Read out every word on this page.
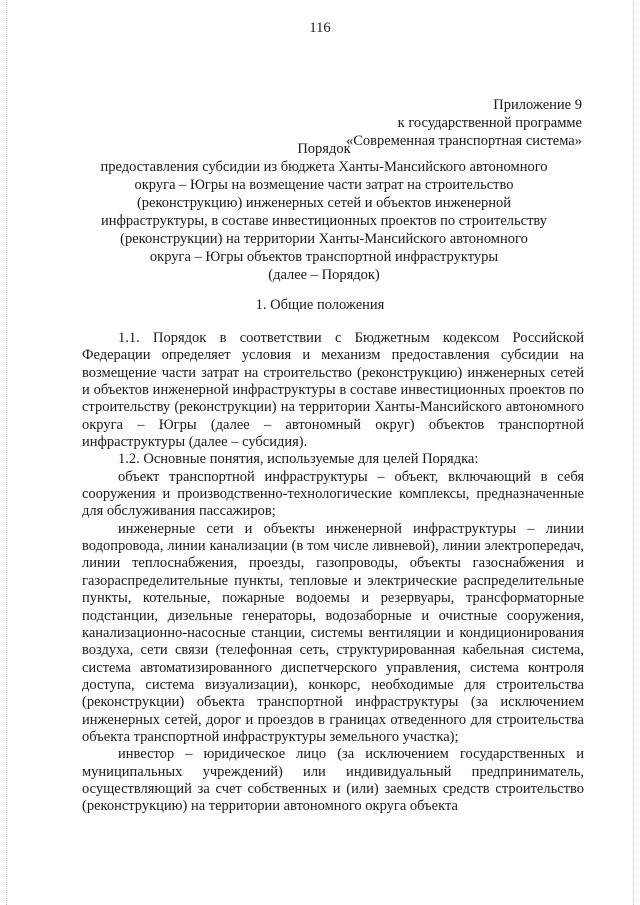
116
Приложение 9
к государственной программе
«Современная транспортная система»
Порядок
предоставления субсидии из бюджета Ханты-Мансийского автономного
округа – Югры на возмещение части затрат на строительство
(реконструкцию) инженерных сетей и объектов инженерной
инфраструктуры, в составе инвестиционных проектов по строительству
(реконструкции) на территории Ханты-Мансийского автономного
округа – Югры объектов транспортной инфраструктуры
(далее – Порядок)
1. Общие положения

1.1. Порядок в соответствии с Бюджетным кодексом Российской Федерации определяет условия и механизм предоставления субсидии на возмещение части затрат на строительство (реконструкцию) инженерных сетей и объектов инженерной инфраструктуры в составе инвестиционных проектов по строительству (реконструкции) на территории Ханты-Мансийского автономного округа – Югры (далее – автономный округ) объектов транспортной инфраструктуры (далее – субсидия).

1.2. Основные понятия, используемые для целей Порядка:

объект транспортной инфраструктуры – объект, включающий в себя сооружения и производственно-технологические комплексы, предназначенные для обслуживания пассажиров;

инженерные сети и объекты инженерной инфраструктуры – линии водопровода, линии канализации (в том числе ливневой), линии электропередач, линии теплоснабжения, проезды, газопроводы, объекты газоснабжения и газораспределительные пункты, тепловые и электрические распределительные пункты, котельные, пожарные водоемы и резервуары, трансформаторные подстанции, дизельные генераторы, водозаборные и очистные сооружения, канализационно-насосные станции, системы вентиляции и кондиционирования воздуха, сети связи (телефонная сеть, структурированная кабельная система, система автоматизированного диспетчерского управления, система контроля доступа, система визуализации), конкорс, необходимые для строительства (реконструкции) объекта транспортной инфраструктуры (за исключением инженерных сетей, дорог и проездов в границах отведенного для строительства объекта транспортной инфраструктуры земельного участка);

инвестор – юридическое лицо (за исключением государственных и муниципальных учреждений) или индивидуальный предприниматель, осуществляющий за счет собственных и (или) заемных средств строительство (реконструкцию) на территории автономного округа объекта
